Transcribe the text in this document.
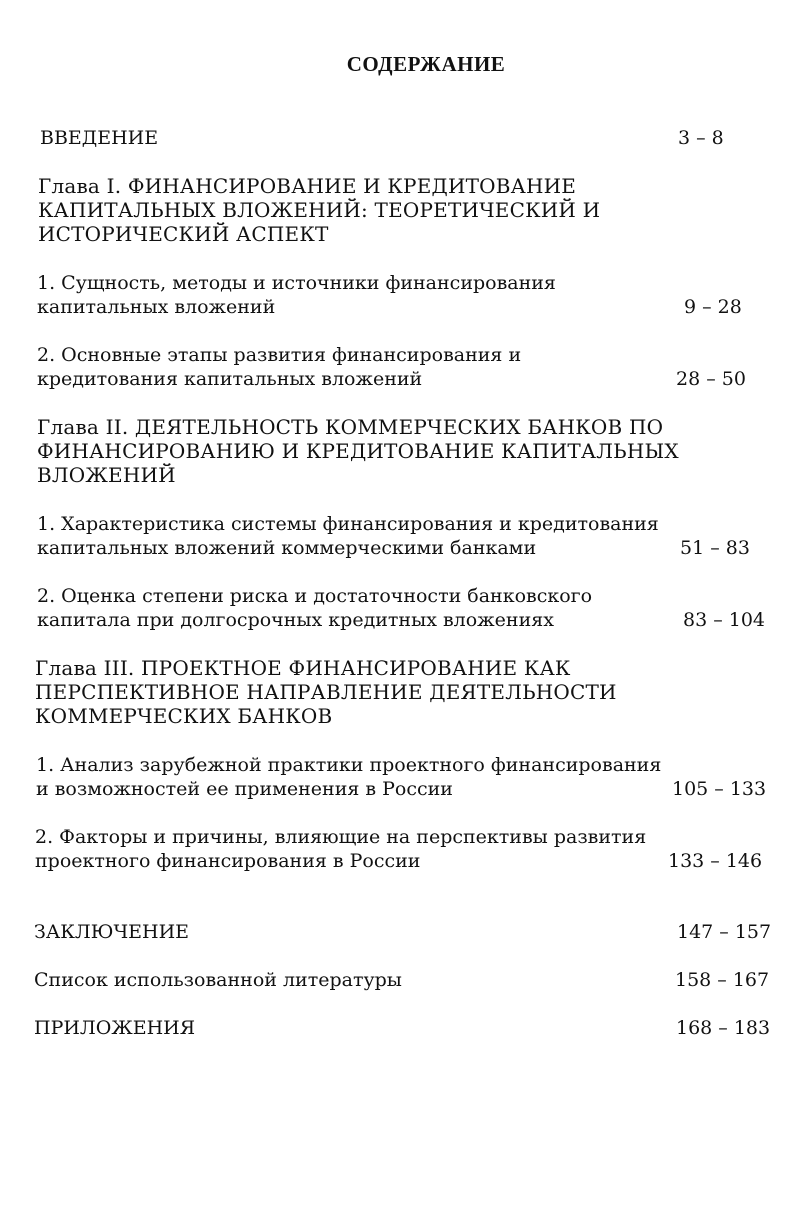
СОДЕРЖАНИЕ
ВВЕДЕНИЕ	3 – 8
Глава I. ФИНАНСИРОВАНИЕ И КРЕДИТОВАНИЕ
КАПИТАЛЬНЫХ ВЛОЖЕНИЙ: ТЕОРЕТИЧЕСКИЙ И
ИСТОРИЧЕСКИЙ АСПЕКТ
1. Сущность, методы и источники финансирования
капитальных вложений	9 – 28
2. Основные этапы развития финансирования и
кредитования капитальных вложений	28 – 50
Глава II. ДЕЯТЕЛЬНОСТЬ КОММЕРЧЕСКИХ БАНКОВ ПО
ФИНАНСИРОВАНИЮ И КРЕДИТОВАНИЕ КАПИТАЛЬНЫХ
ВЛОЖЕНИЙ
1. Характеристика системы финансирования и кредитования
капитальных вложений коммерческими банками	51 – 83
2. Оценка степени риска и достаточности банковского
капитала при долгосрочных кредитных вложениях	83 – 104
Глава III. ПРОЕКТНОЕ ФИНАНСИРОВАНИЕ КАК
ПЕРСПЕКТИВНОЕ НАПРАВЛЕНИЕ ДЕЯТЕЛЬНОСТИ
КОММЕРЧЕСКИХ БАНКОВ
1. Анализ зарубежной практики проектного финансирования
и возможностей ее применения в России	105 – 133
2. Факторы и причины, влияющие на перспективы развития
проектного финансирования в России	133 – 146
ЗАКЛЮЧЕНИЕ	147 – 157
Список использованной литературы	158 – 167
ПРИЛОЖЕНИЯ	168 – 183
